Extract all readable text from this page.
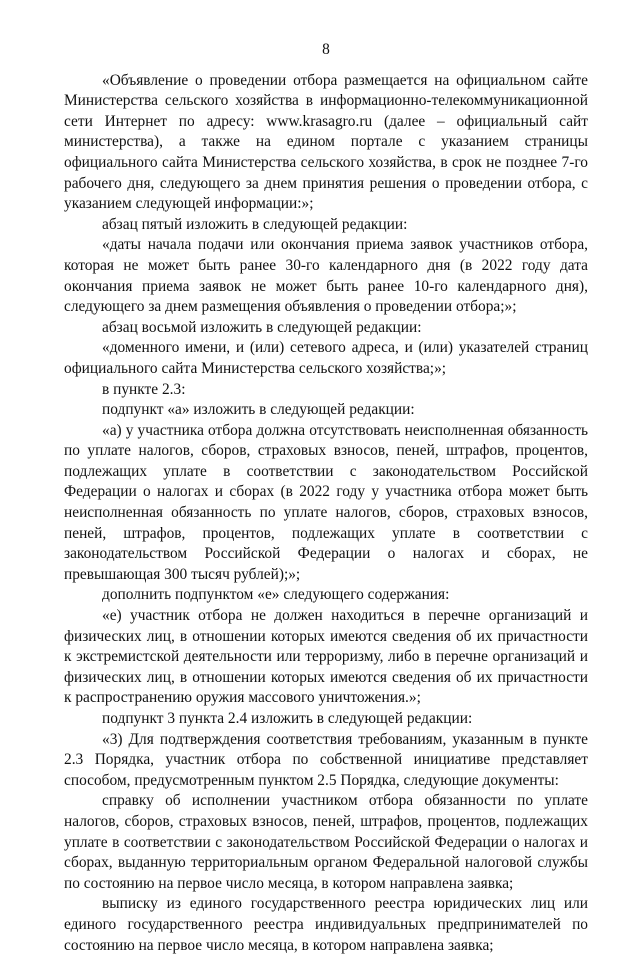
8

«Объявление о проведении отбора размещается на официальном сайте Министерства сельского хозяйства в информационно-телекоммуникационной сети Интернет по адресу: www.krasagro.ru (далее – официальный сайт министерства), а также на едином портале с указанием страницы официального сайта Министерства сельского хозяйства, в срок не позднее 7-го рабочего дня, следующего за днем принятия решения о проведении отбора, с указанием следующей информации:»;

абзац пятый изложить в следующей редакции:

«даты начала подачи или окончания приема заявок участников отбора, которая не может быть ранее 30-го календарного дня (в 2022 году дата окончания приема заявок не может быть ранее 10-го календарного дня), следующего за днем размещения объявления о проведении отбора;»;

абзац восьмой изложить в следующей редакции:

«доменного имени, и (или) сетевого адреса, и (или) указателей страниц официального сайта Министерства сельского хозяйства;»;

в пункте 2.3:

подпункт «а» изложить в следующей редакции:

«а) у участника отбора должна отсутствовать неисполненная обязанность по уплате налогов, сборов, страховых взносов, пеней, штрафов, процентов, подлежащих уплате в соответствии с законодательством Российской Федерации о налогах и сборах (в 2022 году у участника отбора может быть неисполненная обязанность по уплате налогов, сборов, страховых взносов, пеней, штрафов, процентов, подлежащих уплате в соответствии с законодательством Российской Федерации о налогах и сборах, не превышающая 300 тысяч рублей);»;

дополнить подпунктом «е» следующего содержания:

«е) участник отбора не должен находиться в перечне организаций и физических лиц, в отношении которых имеются сведения об их причастности к экстремистской деятельности или терроризму, либо в перечне организаций и физических лиц, в отношении которых имеются сведения об их причастности к распространению оружия массового уничтожения.»;

подпункт 3 пункта 2.4 изложить в следующей редакции:

«3) Для подтверждения соответствия требованиям, указанным в пункте 2.3 Порядка, участник отбора по собственной инициативе представляет способом, предусмотренным пунктом 2.5 Порядка, следующие документы:

справку об исполнении участником отбора обязанности по уплате налогов, сборов, страховых взносов, пеней, штрафов, процентов, подлежащих уплате в соответствии с законодательством Российской Федерации о налогах и сборах, выданную территориальным органом Федеральной налоговой службы по состоянию на первое число месяца, в котором направлена заявка;

выписку из единого государственного реестра юридических лиц или единого государственного реестра индивидуальных предпринимателей по состоянию на первое число месяца, в котором направлена заявка;
